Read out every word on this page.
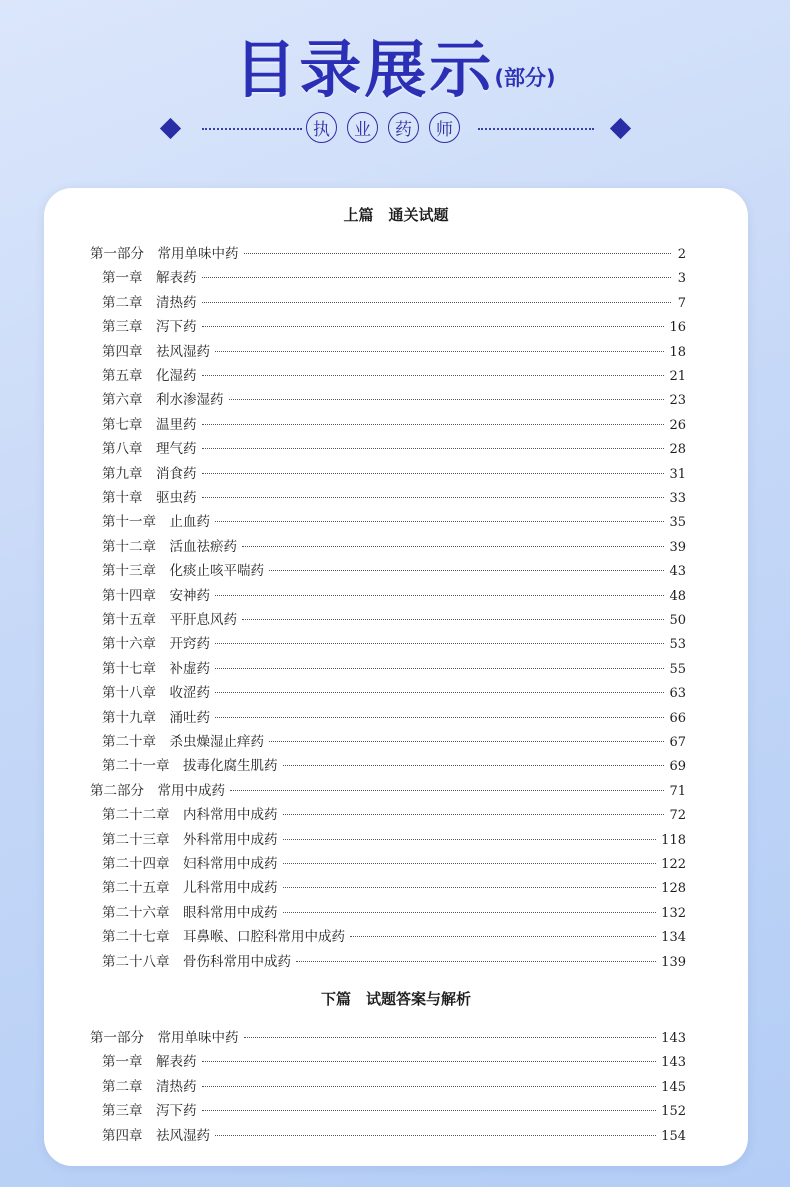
目录展示(部分)
执	业	药	师
上篇　通关试题
第一部分　常用单味中药	2
第一章　解表药	3
第二章　清热药	7
第三章　泻下药	16
第四章　祛风湿药	18
第五章　化湿药	21
第六章　利水渗湿药	23
第七章　温里药	26
第八章　理气药	28
第九章　消食药	31
第十章　驱虫药	33
第十一章　止血药	35
第十二章　活血祛瘀药	39
第十三章　化痰止咳平喘药	43
第十四章　安神药	48
第十五章　平肝息风药	50
第十六章　开窍药	53
第十七章　补虚药	55
第十八章　收涩药	63
第十九章　涌吐药	66
第二十章　杀虫燥湿止痒药	67
第二十一章　拔毒化腐生肌药	69
第二部分　常用中成药	71
第二十二章　内科常用中成药	72
第二十三章　外科常用中成药	118
第二十四章　妇科常用中成药	122
第二十五章　儿科常用中成药	128
第二十六章　眼科常用中成药	132
第二十七章　耳鼻喉、口腔科常用中成药	134
第二十八章　骨伤科常用中成药	139
下篇　试题答案与解析
第一部分　常用单味中药	143
第一章　解表药	143
第二章　清热药	145
第三章　泻下药	152
第四章　祛风湿药	154
